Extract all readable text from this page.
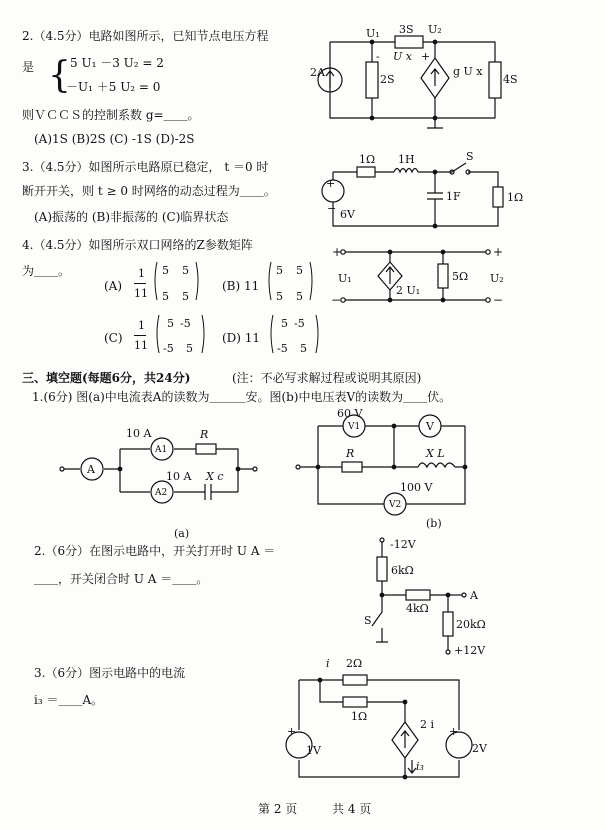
2.（4.5分）电路如图所示，已知节点电压方程
是 { 5 U₁ －3 U₂ = 2
－U₁ ＋5 U₂ = 0
则ＶＣＣＳ的控制系数 g=＿＿。
(A)1S (B)2S (C) -1S (D)-2S
3.（4.5分）如图所示电路原已稳定， t ＝0 时
断开开关，则 t ≥ 0 时网络的动态过程为＿＿。
(A)振荡的 (B)非振荡的 (C)临界状态
4.（4.5分）如图所示双口网络的Z参数矩阵
为＿＿。
(A)
1
11
5 5
5 5
(B) 11
5 5
5 5
(C)
1
11
5 -5
-5 5
(D) 11
5 -5
-5 5
三、填空题(每题6分，共24分)	(注：不必写求解过程或说明其原因)
1.(6分) 图(a)中电流表A的读数为＿＿＿安。图(b)中电压表V的读数为＿＿伏。
2.（6分）在图示电路中，开关打开时 U A ＝
＿＿，开关闭合时 U A ＝＿＿。
3.（6分）图示电路中的电流
i₃ ＝＿＿A。
第 2 页	共 4 页
U₁ 3S U₂
- U x +
2A
2S
g U x
4S
+
−
1Ω 1H	S
1F	1Ω
6V
+
−
+
−
U₁	U₂
2 U₁
5Ω
A
A1
A2
10 A	R
10 A X c
(a)
60 V
V1	V
R	X L
100 V
V2
(b)
-12V
6kΩ
4kΩ
A
S	20kΩ
+12V
+	+
i 2Ω
1Ω
2 i
1V	2V
i₃
